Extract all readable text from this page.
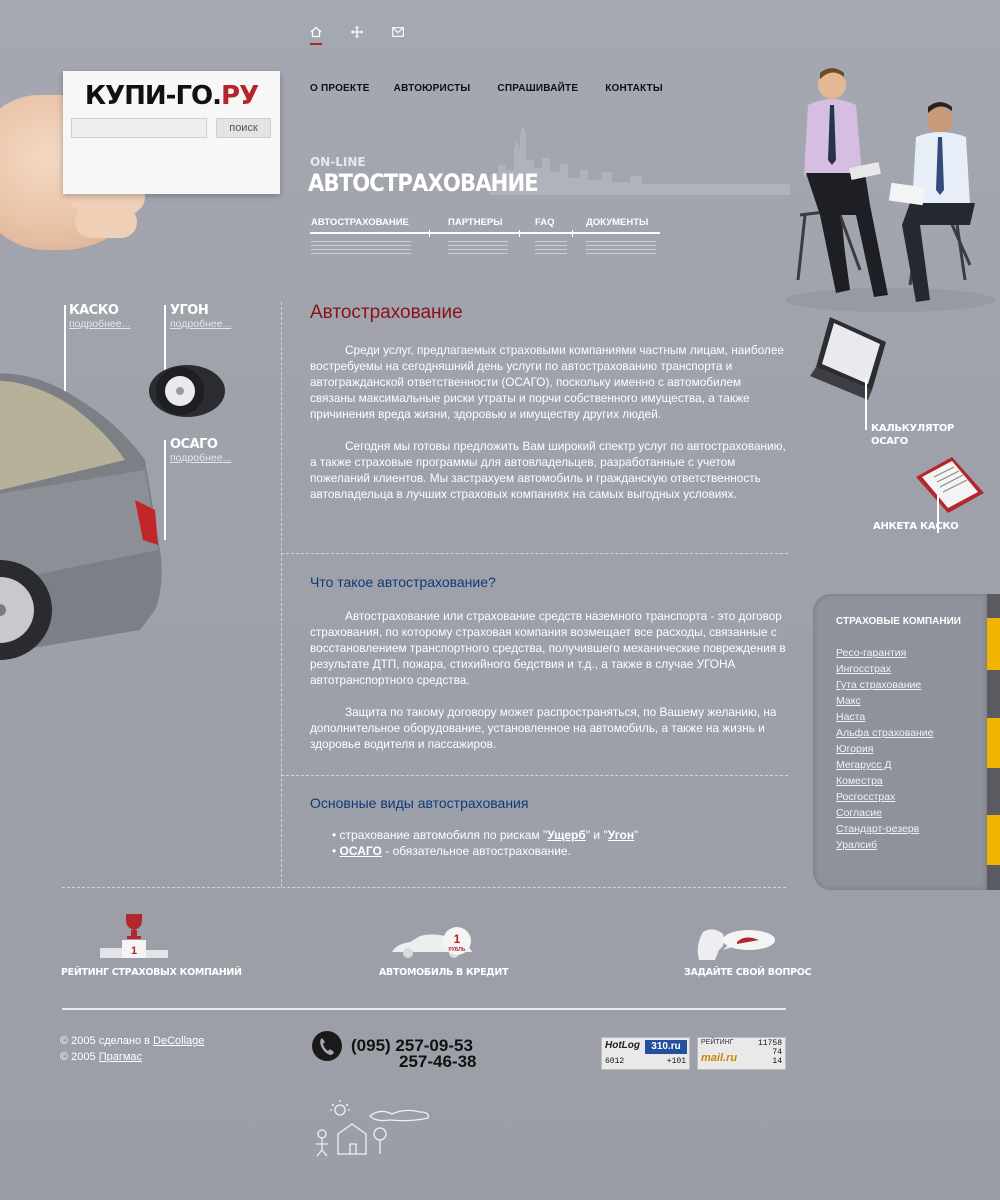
КУПИ-ГО.РУ
поиск
О ПРОЕКТЕ АВТОЮРИСТЫ	СПРАШИВАЙТЕ	КОНТАКТЫ
ON-LINE
АВТОСТРАХОВАНИЕ
АВТОСТРАХОВАНИЕ	ПАРТНЕРЫ	FAQ	ДОКУМЕНТЫ
КАСКО
подробнее...
УГОН
подробнее...
ОСАГО
подробнее...
Автострахование

Среди услуг, предлагаемых страховыми компаниями частным лицам, наиболее востребуемы на сегодняшний день услуги по автострахованию транспорта и автогражданской ответственности (ОСАГО), поскольку именно с автомобилем связаны максимальные риски утраты и порчи собственного имущества, а также причинения вреда жизни, здоровью и имуществу других людей.

Сегодня мы готовы предложить Вам широкий спектр услуг по автострахованию, а также страховые программы для автовладельцев, разработанные с учетом пожеланий клиентов. Мы застрахуем автомобиль и гражданскую ответственность автовладельца в лучших страховых компаниях на самых выгодных условиях.

Что такое автострахование?

Автострахование или страхование средств наземного транспорта - это договор страхования, по которому страховая компания возмещает все расходы, связанные с восстановлением транспортного средства, получившего механические повреждения в результате ДТП, пожара, стихийного бедствия и т.д., а также в случае УГОНА автотранспортного средства.

Защита по такому договору может распространяться, по Вашему желанию, на дополнительное оборудование, установленное на автомобиль, а также на жизнь и здоровье водителя и пассажиров.

Основные виды автострахования
• страхование автомобиля по рискам "Ущерб" и "Угон"
• ОСАГО - обязательное автострахование.
КАЛЬКУЛЯТОР
ОСАГО
АНКЕТА КАСКО
СТРАХОВЫЕ КОМПАНИИ
Ресо-гарантия
Ингосстрах
Гута страхование
Макс
Наста
Альфа страхование
Югория
Мегарусс Д
Коместра
Росгосстрах
Согласие
Стандарт-резерв
Уралсиб
1
РЕЙТИНГ СТРАХОВЫХ КОМПАНИЙ
1
РУБЛЬ
АВТОМОБИЛЬ В КРЕДИТ	ЗАДАЙТЕ СВОЙ ВОПРОС
© 2005 сделано в DeCollage
© 2005 Прагмас
(095) 257-09-53
257-46-38
HotLog	310.ru
6012	+101
РЕЙТИНГ	11758
74
14
mail.ru
